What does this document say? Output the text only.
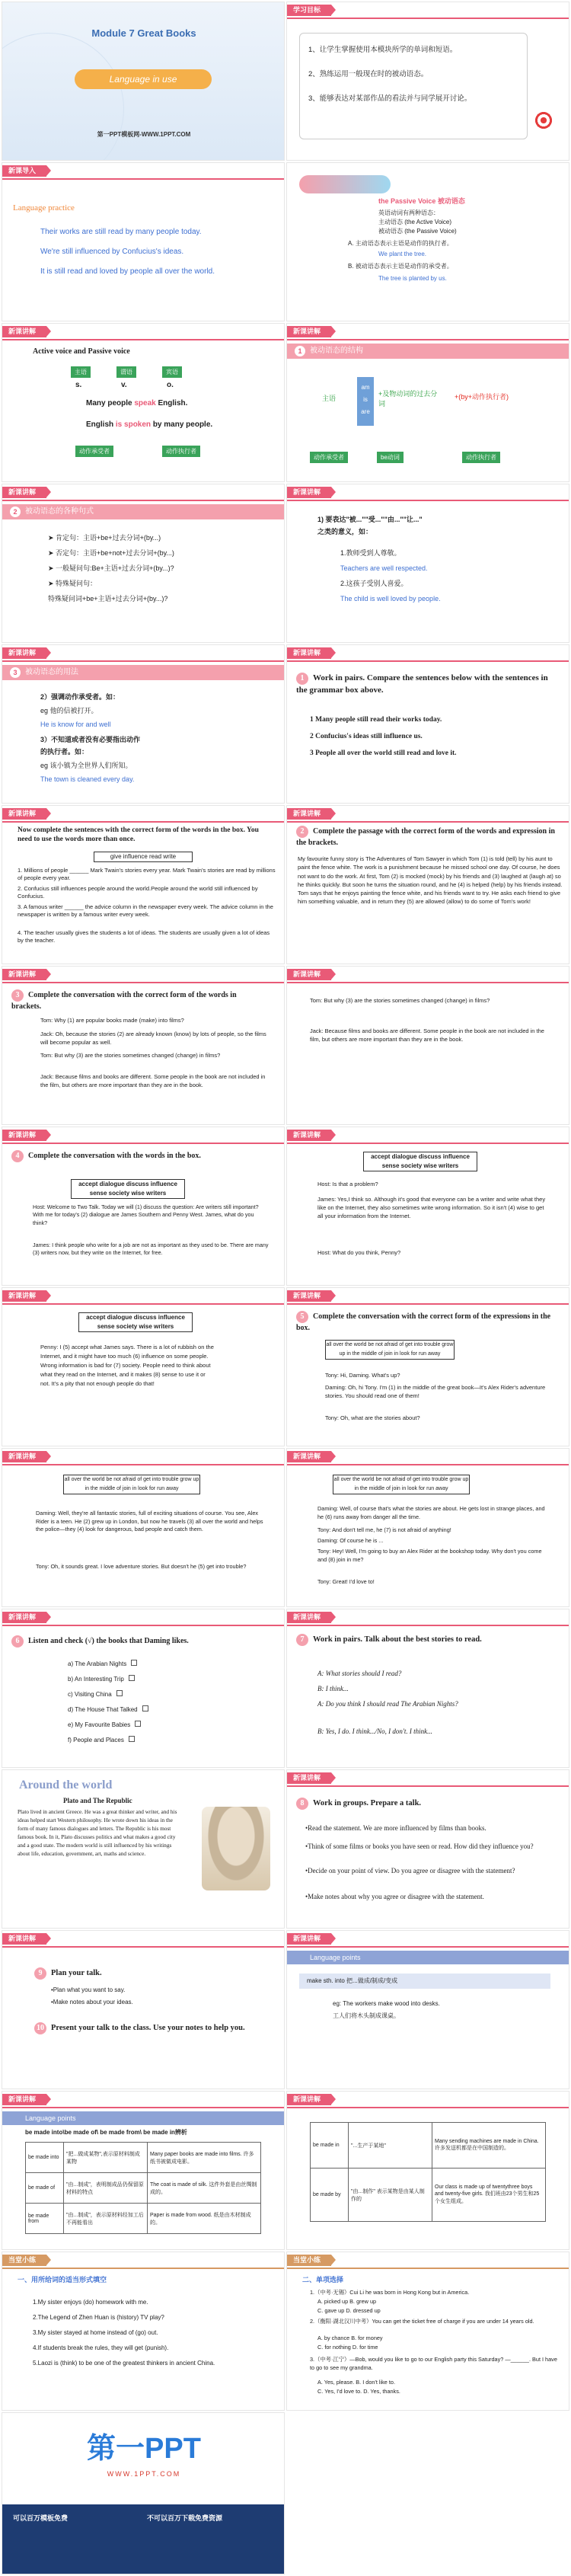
Module 7 Great Books
Language in use
第一PPT模板网-WWW.1PPT.COM
学习目标
1、让学生掌握使用本模块所学的单词和短语。
2、熟练运用一般现在时的被动语态。
3、能够表达对某部作品的看法并与同学展开讨论。
新课导入
Language practice
Their works are still read by many people today.
We're still influenced by Confucius's ideas.
It is still read and loved by people all over the world.
the Passive Voice 被动语态
英语动词有两种语态：
主动语态 (the Active Voice)
被动语态 (the Passive Voice)
A. 主动语态表示主语是动作的执行者。
We plant the tree.
B. 被动语态表示主语是动作的承受者。
The tree is planted by us.
新课讲解
Active voice and Passive voice
主语	谓语	宾语
s.	v.	o.
Many people speak English.
English is spoken by many people.
动作承受者	动作执行者
新课讲解
1	被动语态的结构
主语
am
is
are
+及物动词的过去分词
+(by+动作执行者)
动作承受者	be动词	动作执行者
新课讲解
2	被动语态的各种句式
➤ 肯定句：主语+be+过去分词+(by...)
➤ 否定句：主语+be+not+过去分词+(by...)
➤ 一般疑问句:Be+主语+过去分词+(by...)?
➤ 特殊疑问句：
特殊疑问词+be+主语+过去分词+(by...)?
新课讲解
1) 要表达"被...""受...""由...""让..."
之类的意义，如：
1.教师受到人尊敬。
Teachers are well respected.
2.这孩子受别人喜爱。
The child is well loved by people.
新课讲解
3	被动语态的用法
2）强调动作承受者。如：
eg 他的信被打开。
He is know for and well
3）不知道或者没有必要指出动作
的执行者。如：
eg 该小镇为全世界人们所知。
The town is cleaned every day.
新课讲解
1 Work in pairs. Compare the sentences below with the sentences in the grammar box above.
1 Many people still read their works today.
2 Confucius's ideas still influence us.
3 People all over the world still read and love it.
新课讲解
Now complete the sentences with the correct form of the words in the box. You need to use the words more than once.
give influence read write
1. Millions of people ______ Mark Twain's stories every year. Mark Twain's stories are read by millions of people every year.
2. Confucius still influences people around the world.People around the world still influenced by Confucius.
3. A famous writer ______ the advice column in the newspaper every week. The advice column in the newspaper is written by a famous writer every week.
4. The teacher usually gives the students a lot of ideas. The students are usually given a lot of ideas by the teacher.
新课讲解
2 Complete the passage with the correct form of the words and expression in the brackets.
My favourite funny story is The Adventures of Tom Sawyer in which Tom (1) is told (tell) by his aunt to paint the fence white. The work is a punishment because he missed school one day. Of course, he does not want to do the work. At first, Tom (2) is mocked (mock) by his friends and (3) laughed at (laugh at) so he thinks quickly. But soon he turns the situation round, and he (4) is helped (help) by his friends instead. Tom says that he enjoys painting the fence white, and his friends want to try. He asks each friend to give him something valuable, and in return they (5) are allowed (allow) to do some of Tom's work!
新课讲解
3 Complete the conversation with the correct form of the words in brackets.
Tom: Why (1) are popular books made (make) into films?
Jack: Oh, because the stories (2) are already known (know) by lots of people, so the films will become popular as well.
Tom: But why (3) are the stories sometimes changed (change) in films?
Jack: Because films and books are different. Some people in the book are not included in the film, but others are more important than they are in the book.
新课讲解
Tom: But why (3) are the stories sometimes changed (change) in films?
Jack: Because films and books are different. Some people in the book are not included in the film, but others are more important than they are in the book.
新课讲解
4 Complete the conversation with the words in the box.
accept dialogue discuss influence sense society wise writers
Host: Welcome to Two Talk. Today we will (1) discuss the question: Are writers still important? With me for today's (2) dialogue are James Southern and Penny West. James, what do you think?
James: I think people who write for a job are not as important as they used to be. There are many (3) writers now, but they write on the Internet, for free.
新课讲解
accept dialogue discuss influence sense society wise writers
Host: Is that a problem?
James: Yes,I think so. Although it's good that everyone can be a writer and write what they like on the Internet, they also sometimes write wrong information. So it isn't (4) wise to get all your information from the Internet.
Host: What do you think, Penny?
新课讲解
accept dialogue discuss influence sense society wise writers
Penny: I (5) accept what James says. There is a lot of rubbish on the Internet, and it might have too much (6) influence on some people. Wrong information is bad for (7) society. People need to think about what they read on the Internet, and it makes (8) sense to use it or not. It's a pity that not enough people do that!
新课讲解
5 Complete the conversation with the correct form of the expressions in the box.
all over the world be not afraid of get into trouble grow up in the middle of join in look for run away
Tony: Hi, Daming. What's up?
Daming: Oh, hi Tony. I'm (1) in the middle of the great book—It's Alex Rider's adventure stories. You should read one of them!
Tony: Oh, what are the stories about?
新课讲解
all over the world be not afraid of get into trouble grow up in the middle of join in look for run away
Daming: Well, they're all fantastic stories, full of exciting situations of course. You see, Alex Rider is a teen. He (2) grew up in London, but now he travels (3) all over the world and helps the police—they (4) look for dangerous, bad people and catch them.
Tony: Oh, it sounds great. I love adventure stories. But doesn't he (5) get into trouble?
新课讲解
all over the world be not afraid of get into trouble grow up in the middle of join in look for run away
Daming: Well, of course that's what the stories are about. He gets lost in strange places, and he (6) runs away from danger all the time.
Tony: And don't tell me, he (7) is not afraid of anything!
Daming: Of course he is ...
Tony: Hey! Well, I'm going to buy an Alex Rider at the bookshop today. Why don't you come and (8) join in me?
Tony: Great! I'd love to!
新课讲解
6 Listen and check (√) the books that Daming likes.
a) The Arabian Nights
b) An Interesting Trip
c) Visiting China
d) The House That Talked
e) My Favourite Babies
f) People and Places
新课讲解
7 Work in pairs. Talk about the best stories to read.
A: What stories should I read?
B: I think...
A: Do you think I should read The Arabian Nights?
B: Yes, I do. I think.../No, I don't. I think...
Around the world
Plato and The Republic
Plato lived in ancient Greece. He was a great thinker and writer, and his ideas helped start Western philosophy. He wrote down his ideas in the form of many famous dialogues and letters. The Republic is his most famous book. In it, Plato discusses politics and what makes a good city and a good state. The modern world is still influenced by his writings about life, education, government, art, maths and science.
新课讲解
8 Work in groups. Prepare a talk.
•Read the statement. We are more influenced by films than books.
•Think of some films or books you have seen or read. How did they influence you?
•Decide on your point of view. Do you agree or disagree with the statement?
•Make notes about why you agree or disagree with the statement.
新课讲解
9 Plan your talk.
•Plan what you want to say.
•Make notes about your ideas.
10 Present your talk to the class. Use your notes to help you.
新课讲解
Language points
make sth. into 把...做成/制成/变成
eg: The workers make wood into desks.
工人们将木头制成课桌。
新课讲解
Language points
be made into\be made of\ be made from\ be made in辨析
be made into	"把...做成某物",表示原材料制成某物	Many paper books are made into films. 许多纸书被做成电影。
be made of	"由...制成"，表明制成品仍保留原材料的特点	The coat is made of silk. 这件外套是由丝绸制成的。
be made from	"由...制成"，表示原材料经加工后不再能看出	Paper is made from wood. 纸是由木材制成的。
新课讲解
be made in	"...生产于某地"	Many sending machines are made in China. 许多发送机都是在中国制造的。
be made by	"由...制作" 表示某物是由某人制作的	Our class is made up of twentythree boys and twenty-five girls. 我们班由23个男生和25个女生组成。
当堂小练
一、用所给词的适当形式填空
1.My sister enjoys (do) homework with me.
2.The Legend of Zhen Huan is (history) TV play?
3.My sister stayed at home instead of (go) out.
4.If students break the rules, they will get (punish).
5.Laozi is (think) to be one of the greatest thinkers in ancient China.
当堂小练
二、单项选择
1.（中考·无锡）Cui Li he was born in Hong Kong but in America.
A. picked up B. grew up
C. gave up D. dressed up
2.（衡阳·湖北汉川中考）You can get the ticket free of charge if you are under 14 years old.
A. by chance B. for money
C. for nothing D. for time
3.（中考·江宁）—Bob, would you like to go to our English party this Saturday? —______. But I have to go to see my grandma.
A. Yes, please. B. I don't like to.
C. Yes, I'd love to. D. Yes, thanks.
第一PPT
WWW.1PPT.COM
可以百万模板免费	不可以百万下载免费资源
